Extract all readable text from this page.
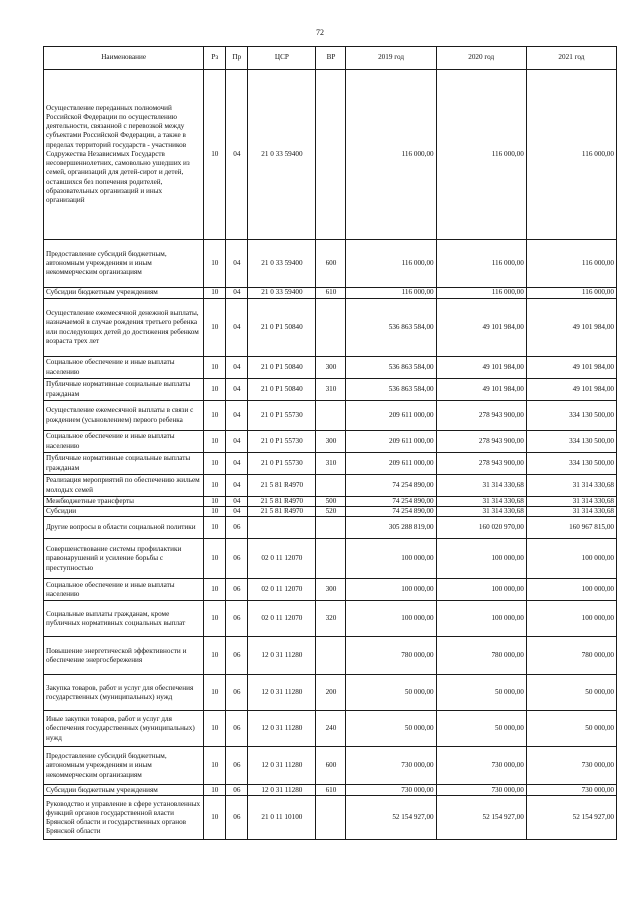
72
Наименование	Рз	Пр	ЦСР	ВР	2019 год	2020 год	2021 год
Осуществление переданных полномочий Российской Федерации по осуществлению деятельности, связанной с перевозкой между субъектами Российской Федерации, а также в пределах территорий государств - участников Содружества Независимых Государств несовершеннолетних, самовольно ушедших из семей, организаций для детей-сирот и детей, оставшихся без попечения родителей, образовательных организаций и иных организаций	10	04	21 0 33 59400		116 000,00	116 000,00	116 000,00
Предоставление субсидий бюджетным, автономным учреждениям и иным некоммерческим организациям	10	04	21 0 33 59400	600	116 000,00	116 000,00	116 000,00
Субсидии бюджетным учреждениям	10	04	21 0 33 59400	610	116 000,00	116 000,00	116 000,00
Осуществление ежемесячной денежной выплаты, назначаемой в случае рождения третьего ребенка или последующих детей до достижения ребенком возраста трех лет	10	04	21 0 P1 50840		536 863 584,00	49 101 984,00	49 101 984,00
Социальное обеспечение и иные выплаты населению	10	04	21 0 P1 50840	300	536 863 584,00	49 101 984,00	49 101 984,00
Публичные нормативные социальные выплаты гражданам	10	04	21 0 P1 50840	310	536 863 584,00	49 101 984,00	49 101 984,00
Осуществление ежемесячной выплаты в связи с рождением (усыновлением) первого ребенка	10	04	21 0 P1 55730		209 611 000,00	278 943 900,00	334 130 500,00
Социальное обеспечение и иные выплаты населению	10	04	21 0 P1 55730	300	209 611 000,00	278 943 900,00	334 130 500,00
Публичные нормативные социальные выплаты гражданам	10	04	21 0 P1 55730	310	209 611 000,00	278 943 900,00	334 130 500,00
Реализация мероприятий по обеспечению жильем молодых семей	10	04	21 5 81 R4970		74 254 890,00	31 314 330,68	31 314 330,68
Межбюджетные трансферты	10	04	21 5 81 R4970	500	74 254 890,00	31 314 330,68	31 314 330,68
Субсидии	10	04	21 5 81 R4970	520	74 254 890,00	31 314 330,68	31 314 330,68
Другие вопросы в области социальной политики	10	06			305 288 819,00	160 020 970,00	160 967 815,00
Совершенствование системы профилактики правонарушений и усиление борьбы с преступностью	10	06	02 0 11 12070		100 000,00	100 000,00	100 000,00
Социальное обеспечение и иные выплаты населению	10	06	02 0 11 12070	300	100 000,00	100 000,00	100 000,00
Социальные выплаты гражданам, кроме публичных нормативных социальных выплат	10	06	02 0 11 12070	320	100 000,00	100 000,00	100 000,00
Повышение энергетической эффективности и обеспечение энергосбережения	10	06	12 0 31 11280		780 000,00	780 000,00	780 000,00
Закупка товаров, работ и услуг для обеспечения государственных (муниципальных) нужд	10	06	12 0 31 11280	200	50 000,00	50 000,00	50 000,00
Иные закупки товаров, работ и услуг для обеспечения государственных (муниципальных) нужд	10	06	12 0 31 11280	240	50 000,00	50 000,00	50 000,00
Предоставление субсидий бюджетным, автономным учреждениям и иным некоммерческим организациям	10	06	12 0 31 11280	600	730 000,00	730 000,00	730 000,00
Субсидии бюджетным учреждениям	10	06	12 0 31 11280	610	730 000,00	730 000,00	730 000,00
Руководство и управление в сфере установленных функций органов государственной власти Брянской области и государственных органов Брянской области	10	06	21 0 11 10100		52 154 927,00	52 154 927,00	52 154 927,00
